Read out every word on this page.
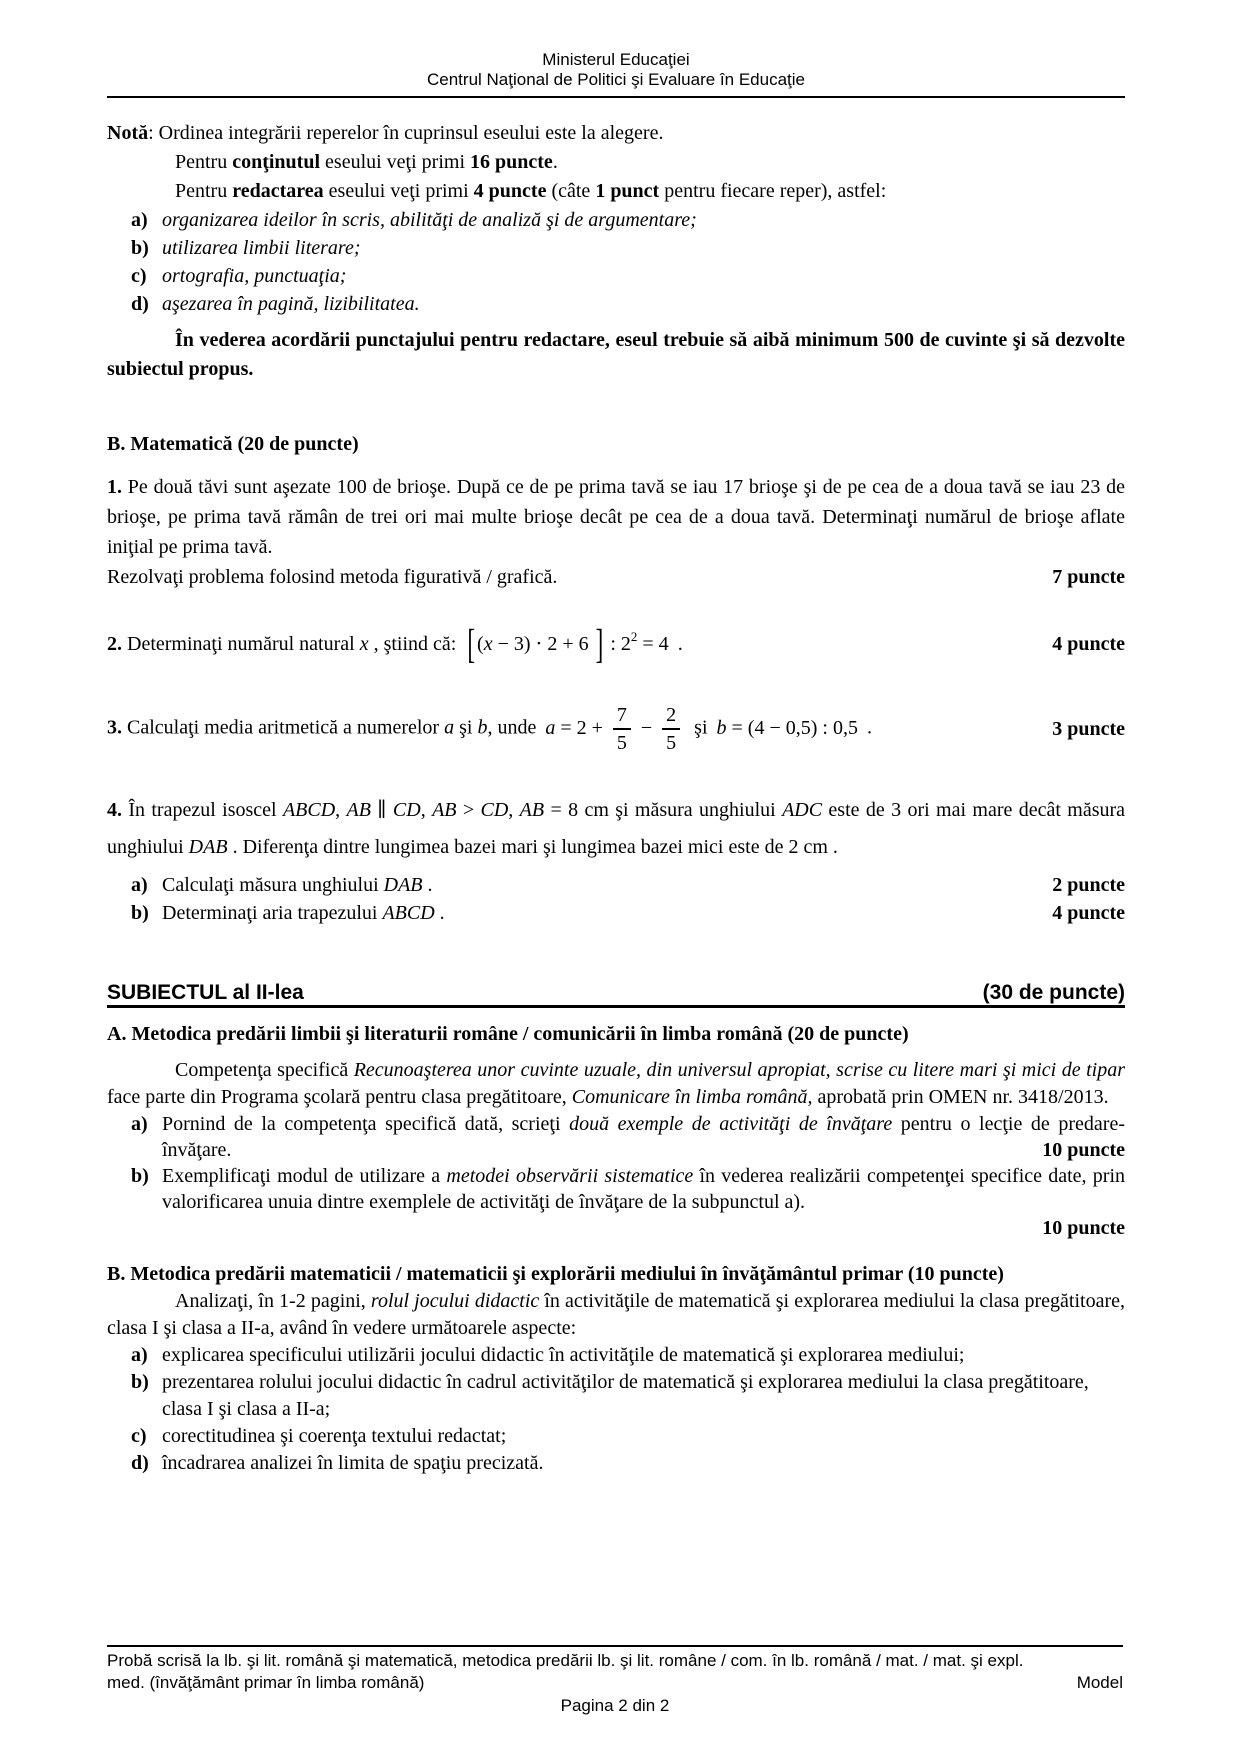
Ministerul Educaţiei
Centrul Naţional de Politici şi Evaluare în Educaţie
Notă: Ordinea integrării reperelor în cuprinsul eseului este la alegere.
Pentru conţinutul eseului veţi primi 16 puncte.
Pentru redactarea eseului veţi primi 4 puncte (câte 1 punct pentru fiecare reper), astfel:
a) organizarea ideilor în scris, abilităţi de analiză şi de argumentare;
b) utilizarea limbii literare;
c) ortografia, punctuaţia;
d) aşezarea în pagină, lizibilitatea.
În vederea acordării punctajului pentru redactare, eseul trebuie să aibă minimum 500 de cuvinte şi să dezvolte subiectul propus.
B. Matematică (20 de puncte)
1. Pe două tăvi sunt aşezate 100 de brioşe. După ce de pe prima tavă se iau 17 brioşe şi de pe cea de a doua tavă se iau 23 de brioşe, pe prima tavă rămân de trei ori mai multe brioşe decât pe cea de a doua tavă. Determinaţi numărul de brioşe aflate iniţial pe prima tavă.
Rezolvaţi problema folosind metoda figurativă / grafică.	7 puncte
2. Determinaţi numărul natural x , ştiind că: [ (x − 3) ⋅ 2 + 6 ] : $2^2 = 4$ .	4 puncte
3. Calculaţi media aritmetică a numerelor a şi b, unde $a = 2 + \frac{7}{5} - \frac{2}{5}$ şi b = (4 − 0,5) : 0,5 .	3 puncte
4. În trapezul isoscel ABCD, AB ∥ CD, AB > CD, AB = 8 cm şi măsura unghiului ADC este de 3 ori mai mare decât măsura unghiului DAB . Diferenţa dintre lungimea bazei mari şi lungimea bazei mici este de 2 cm .
a) Calculaţi măsura unghiului DAB .	2 puncte
b) Determinaţi aria trapezului ABCD .	4 puncte
SUBIECTUL al II-lea	(30 de puncte)
A. Metodica predării limbii şi literaturii române / comunicării în limba română (20 de puncte)
Competenţa specifică Recunoaşterea unor cuvinte uzuale, din universul apropiat, scrise cu litere mari şi mici de tipar face parte din Programa şcolară pentru clasa pregătitoare, Comunicare în limba română, aprobată prin OMEN nr. 3418/2013.
a) Pornind de la competenţa specifică dată, scrieţi două exemple de activităţi de învăţare pentru o lecţie de predare-învăţare.	10 puncte
b) Exemplificaţi modul de utilizare a metodei observării sistematice în vederea realizării competenţei specifice date, prin valorificarea unuia dintre exemplele de activităţi de învăţare de la subpunctul a).
10 puncte
B. Metodica predării matematicii / matematicii şi explorării mediului în învăţământul primar (10 puncte)
Analizaţi, în 1-2 pagini, rolul jocului didactic în activităţile de matematică şi explorarea mediului la clasa pregătitoare, clasa I şi clasa a II-a, având în vedere următoarele aspecte:
a) explicarea specificului utilizării jocului didactic în activităţile de matematică şi explorarea mediului;
b) prezentarea rolului jocului didactic în cadrul activităţilor de matematică şi explorarea mediului la clasa pregătitoare, clasa I şi clasa a II-a;
c) corectitudinea şi coerenţa textului redactat;
d) încadrarea analizei în limita de spaţiu precizată.
Probă scrisă la lb. şi lit. română şi matematică, metodica predării lb. şi lit. române / com. în lb. română / mat. / mat. şi expl.
med. (învăţământ primar în limba română)	Model
Pagina 2 din 2
